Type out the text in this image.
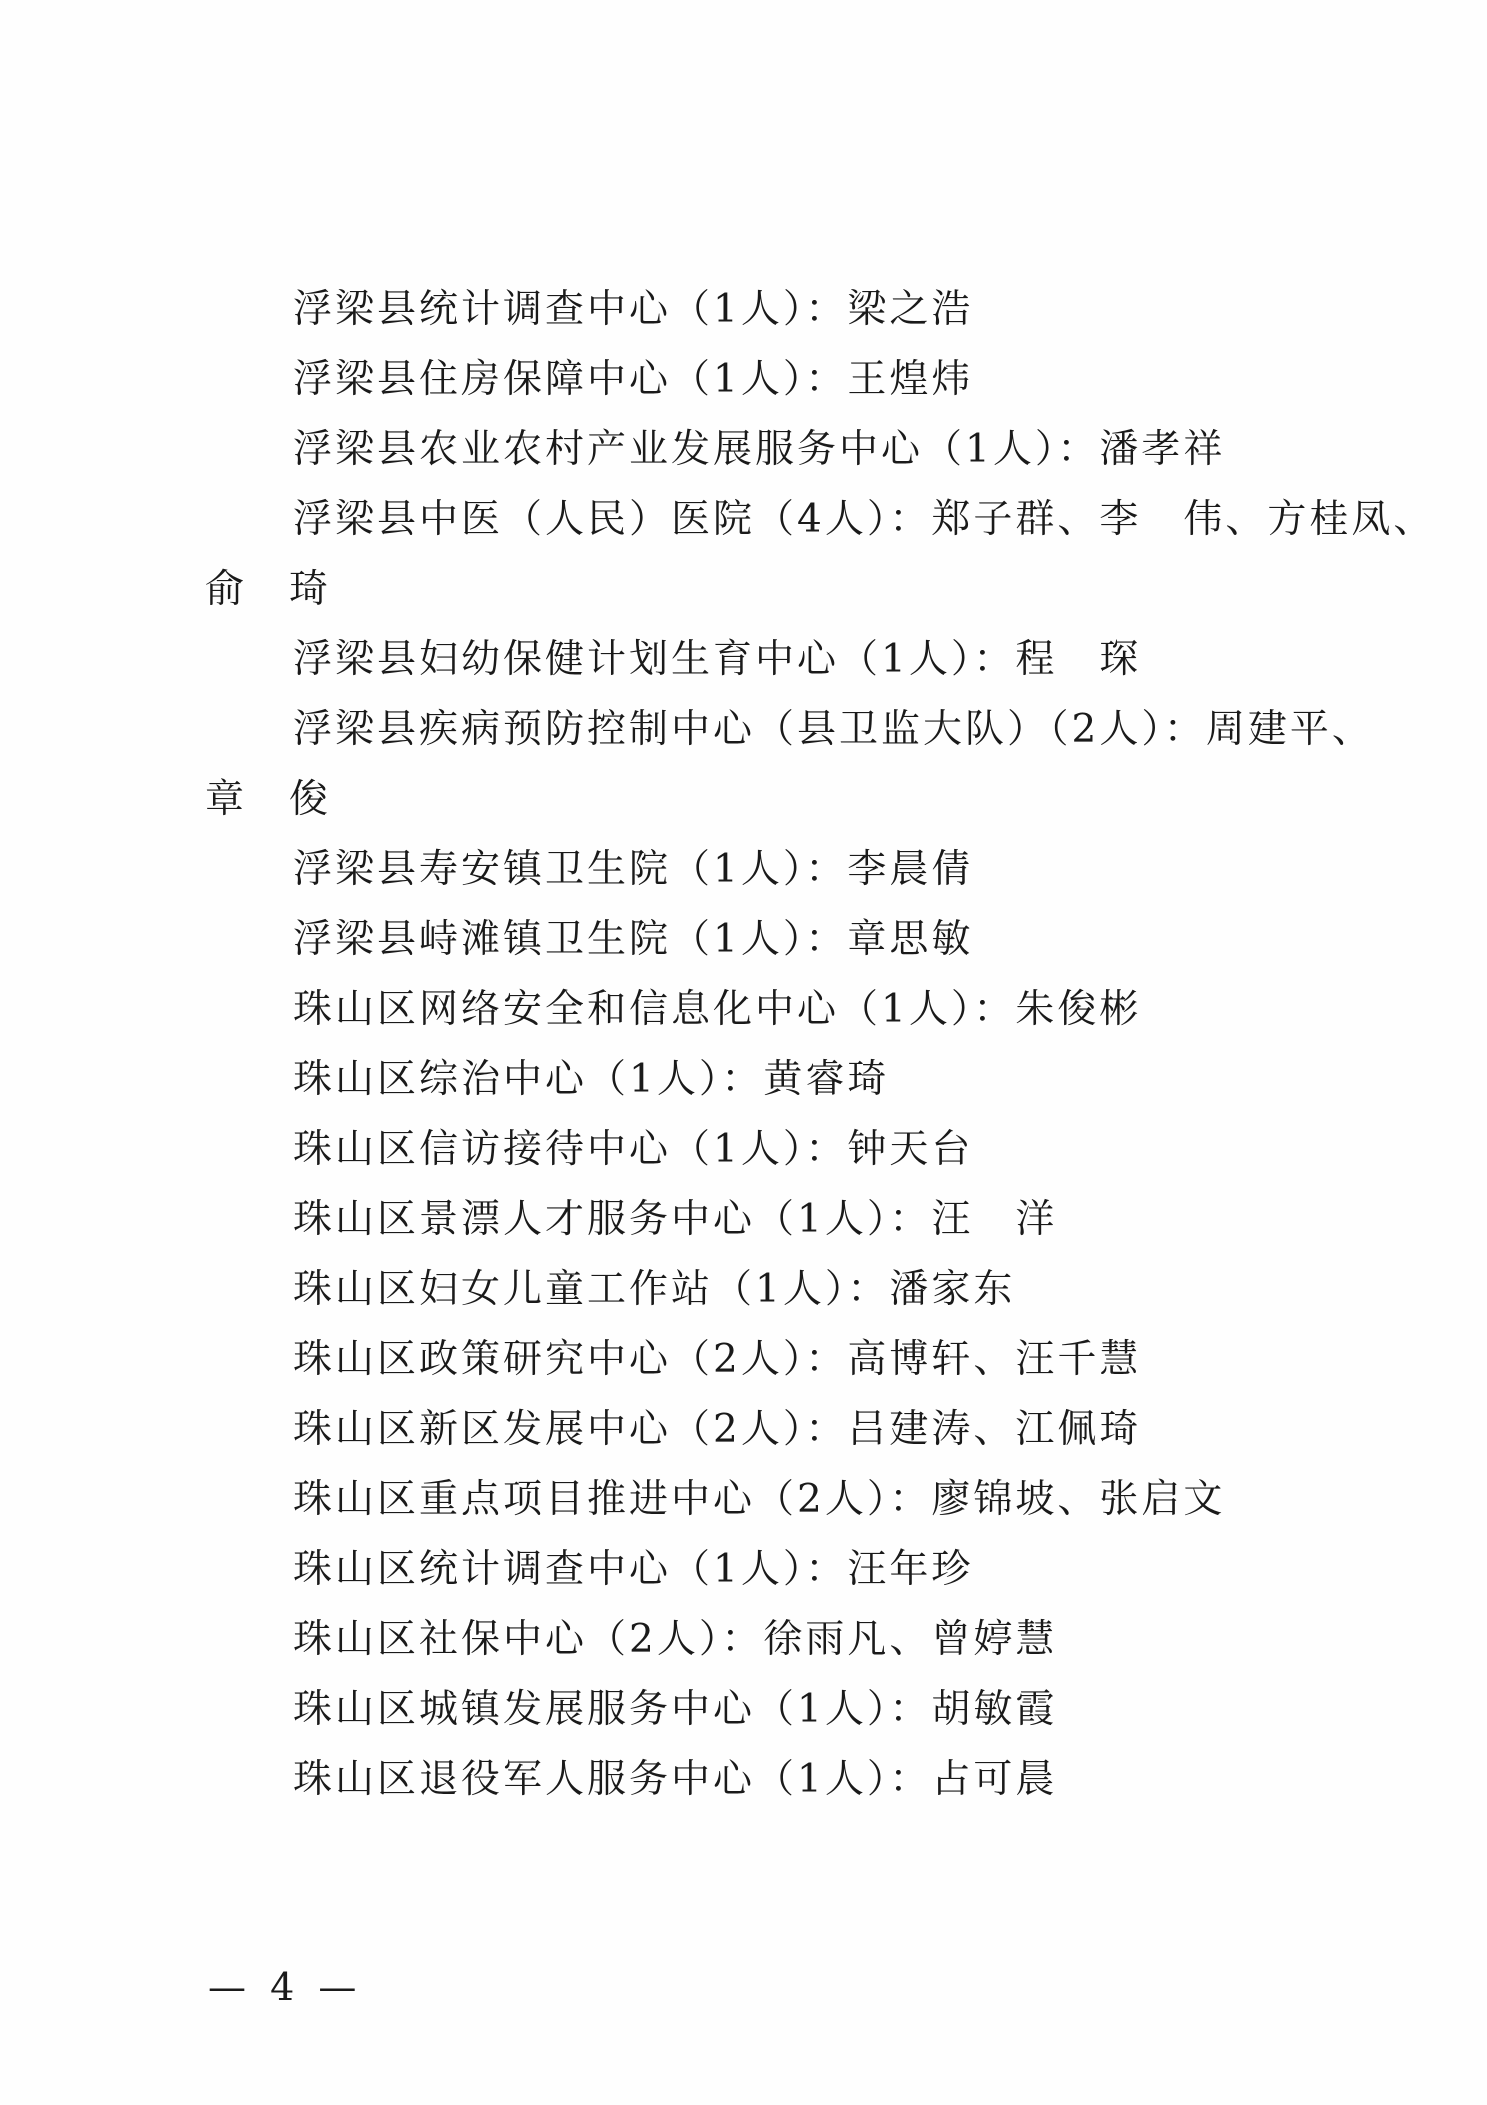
浮梁县统计调查中心（1人）：梁之浩
浮梁县住房保障中心（1人）：王煌炜
浮梁县农业农村产业发展服务中心（1人）：潘孝祥
浮梁县中医（人民）医院（4人）：郑子群、李　伟、方桂凤、
俞　琦
浮梁县妇幼保健计划生育中心（1人）：程　琛
浮梁县疾病预防控制中心（县卫监大队）（2人）：周建平、
章　俊
浮梁县寿安镇卫生院（1人）：李晨倩
浮梁县峙滩镇卫生院（1人）：章思敏
珠山区网络安全和信息化中心（1人）：朱俊彬
珠山区综治中心（1人）：黄睿琦
珠山区信访接待中心（1人）：钟天台
珠山区景漂人才服务中心（1人）：汪　洋
珠山区妇女儿童工作站（1人）：潘家东
珠山区政策研究中心（2人）：高博轩、汪千慧
珠山区新区发展中心（2人）：吕建涛、江佩琦
珠山区重点项目推进中心（2人）：廖锦坡、张启文
珠山区统计调查中心（1人）：汪年珍
珠山区社保中心（2人）：徐雨凡、曾婷慧
珠山区城镇发展服务中心（1人）：胡敏霞
珠山区退役军人服务中心（1人）：占可晨
— 4 —
